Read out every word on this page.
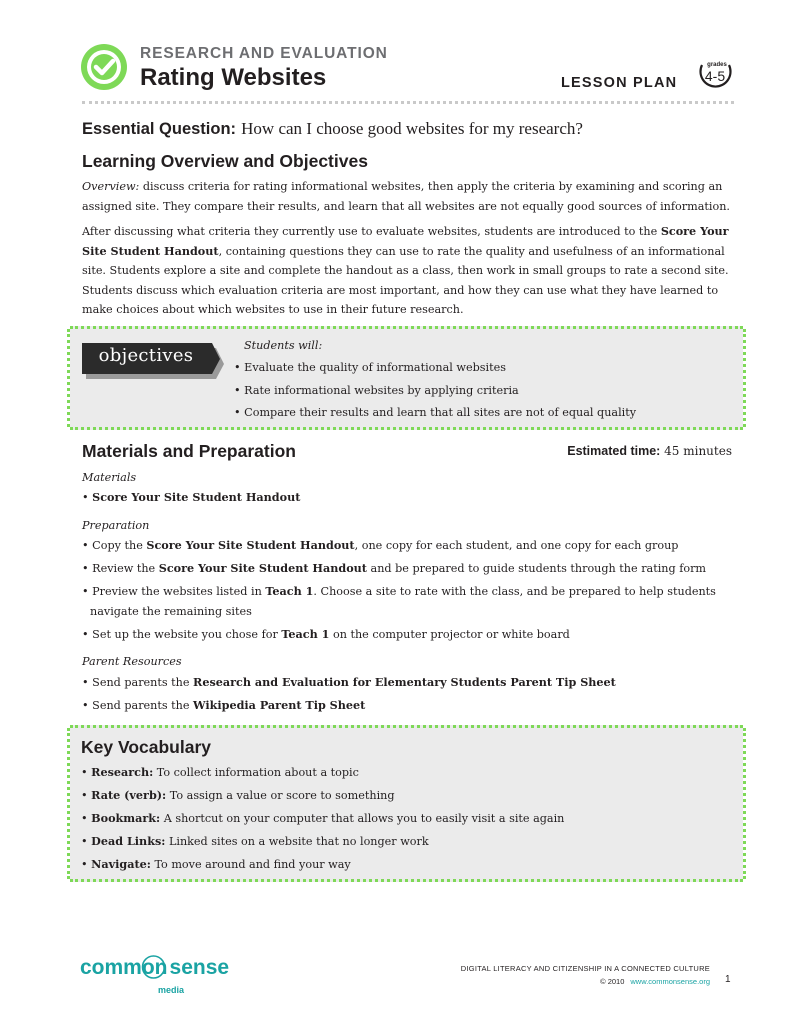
RESEARCH AND EVALUATION
Rating Websites	LESSON PLAN
grades
4-5
Essential Question: How can I choose good websites for my research?
Learning Overview and Objectives

Overview: discuss criteria for rating informational websites, then apply the criteria by examining and scoring an assigned site. They compare their results, and learn that all websites are not equally good sources of information.

After discussing what criteria they currently use to evaluate websites, students are introduced to the Score Your Site Student Handout, containing questions they can use to rate the quality and usefulness of an informational site. Students explore a site and complete the handout as a class, then work in small groups to rate a second site. Students discuss which evaluation criteria are most important, and how they can use what they have learned to make choices about which websites to use in their future research.

objectives	Students will:
• Evaluate the quality of informational websites
• Rate informational websites by applying criteria
• Compare their results and learn that all sites are not of equal quality
Materials and Preparation	Estimated time: 45 minutes
Materials
• Score Your Site Student Handout
Preparation
• Copy the Score Your Site Student Handout, one copy for each student, and one copy for each group
• Review the Score Your Site Student Handout and be prepared to guide students through the rating form
• Preview the websites listed in Teach 1. Choose a site to rate with the class, and be prepared to help students navigate the remaining sites
• Set up the website you chose for Teach 1 on the computer projector or white board
Parent Resources
• Send parents the Research and Evaluation for Elementary Students Parent Tip Sheet
• Send parents the Wikipedia Parent Tip Sheet
Key Vocabulary
• Research: To collect information about a topic
• Rate (verb): To assign a value or score to something
• Bookmark: A shortcut on your computer that allows you to easily visit a site again
• Dead Links: Linked sites on a website that no longer work
• Navigate: To move around and find your way
common sense
media
DIGITAL LITERACY AND CITIZENSHIP IN A CONNECTED CULTURE
© 2010 www.commonsense.org 1
